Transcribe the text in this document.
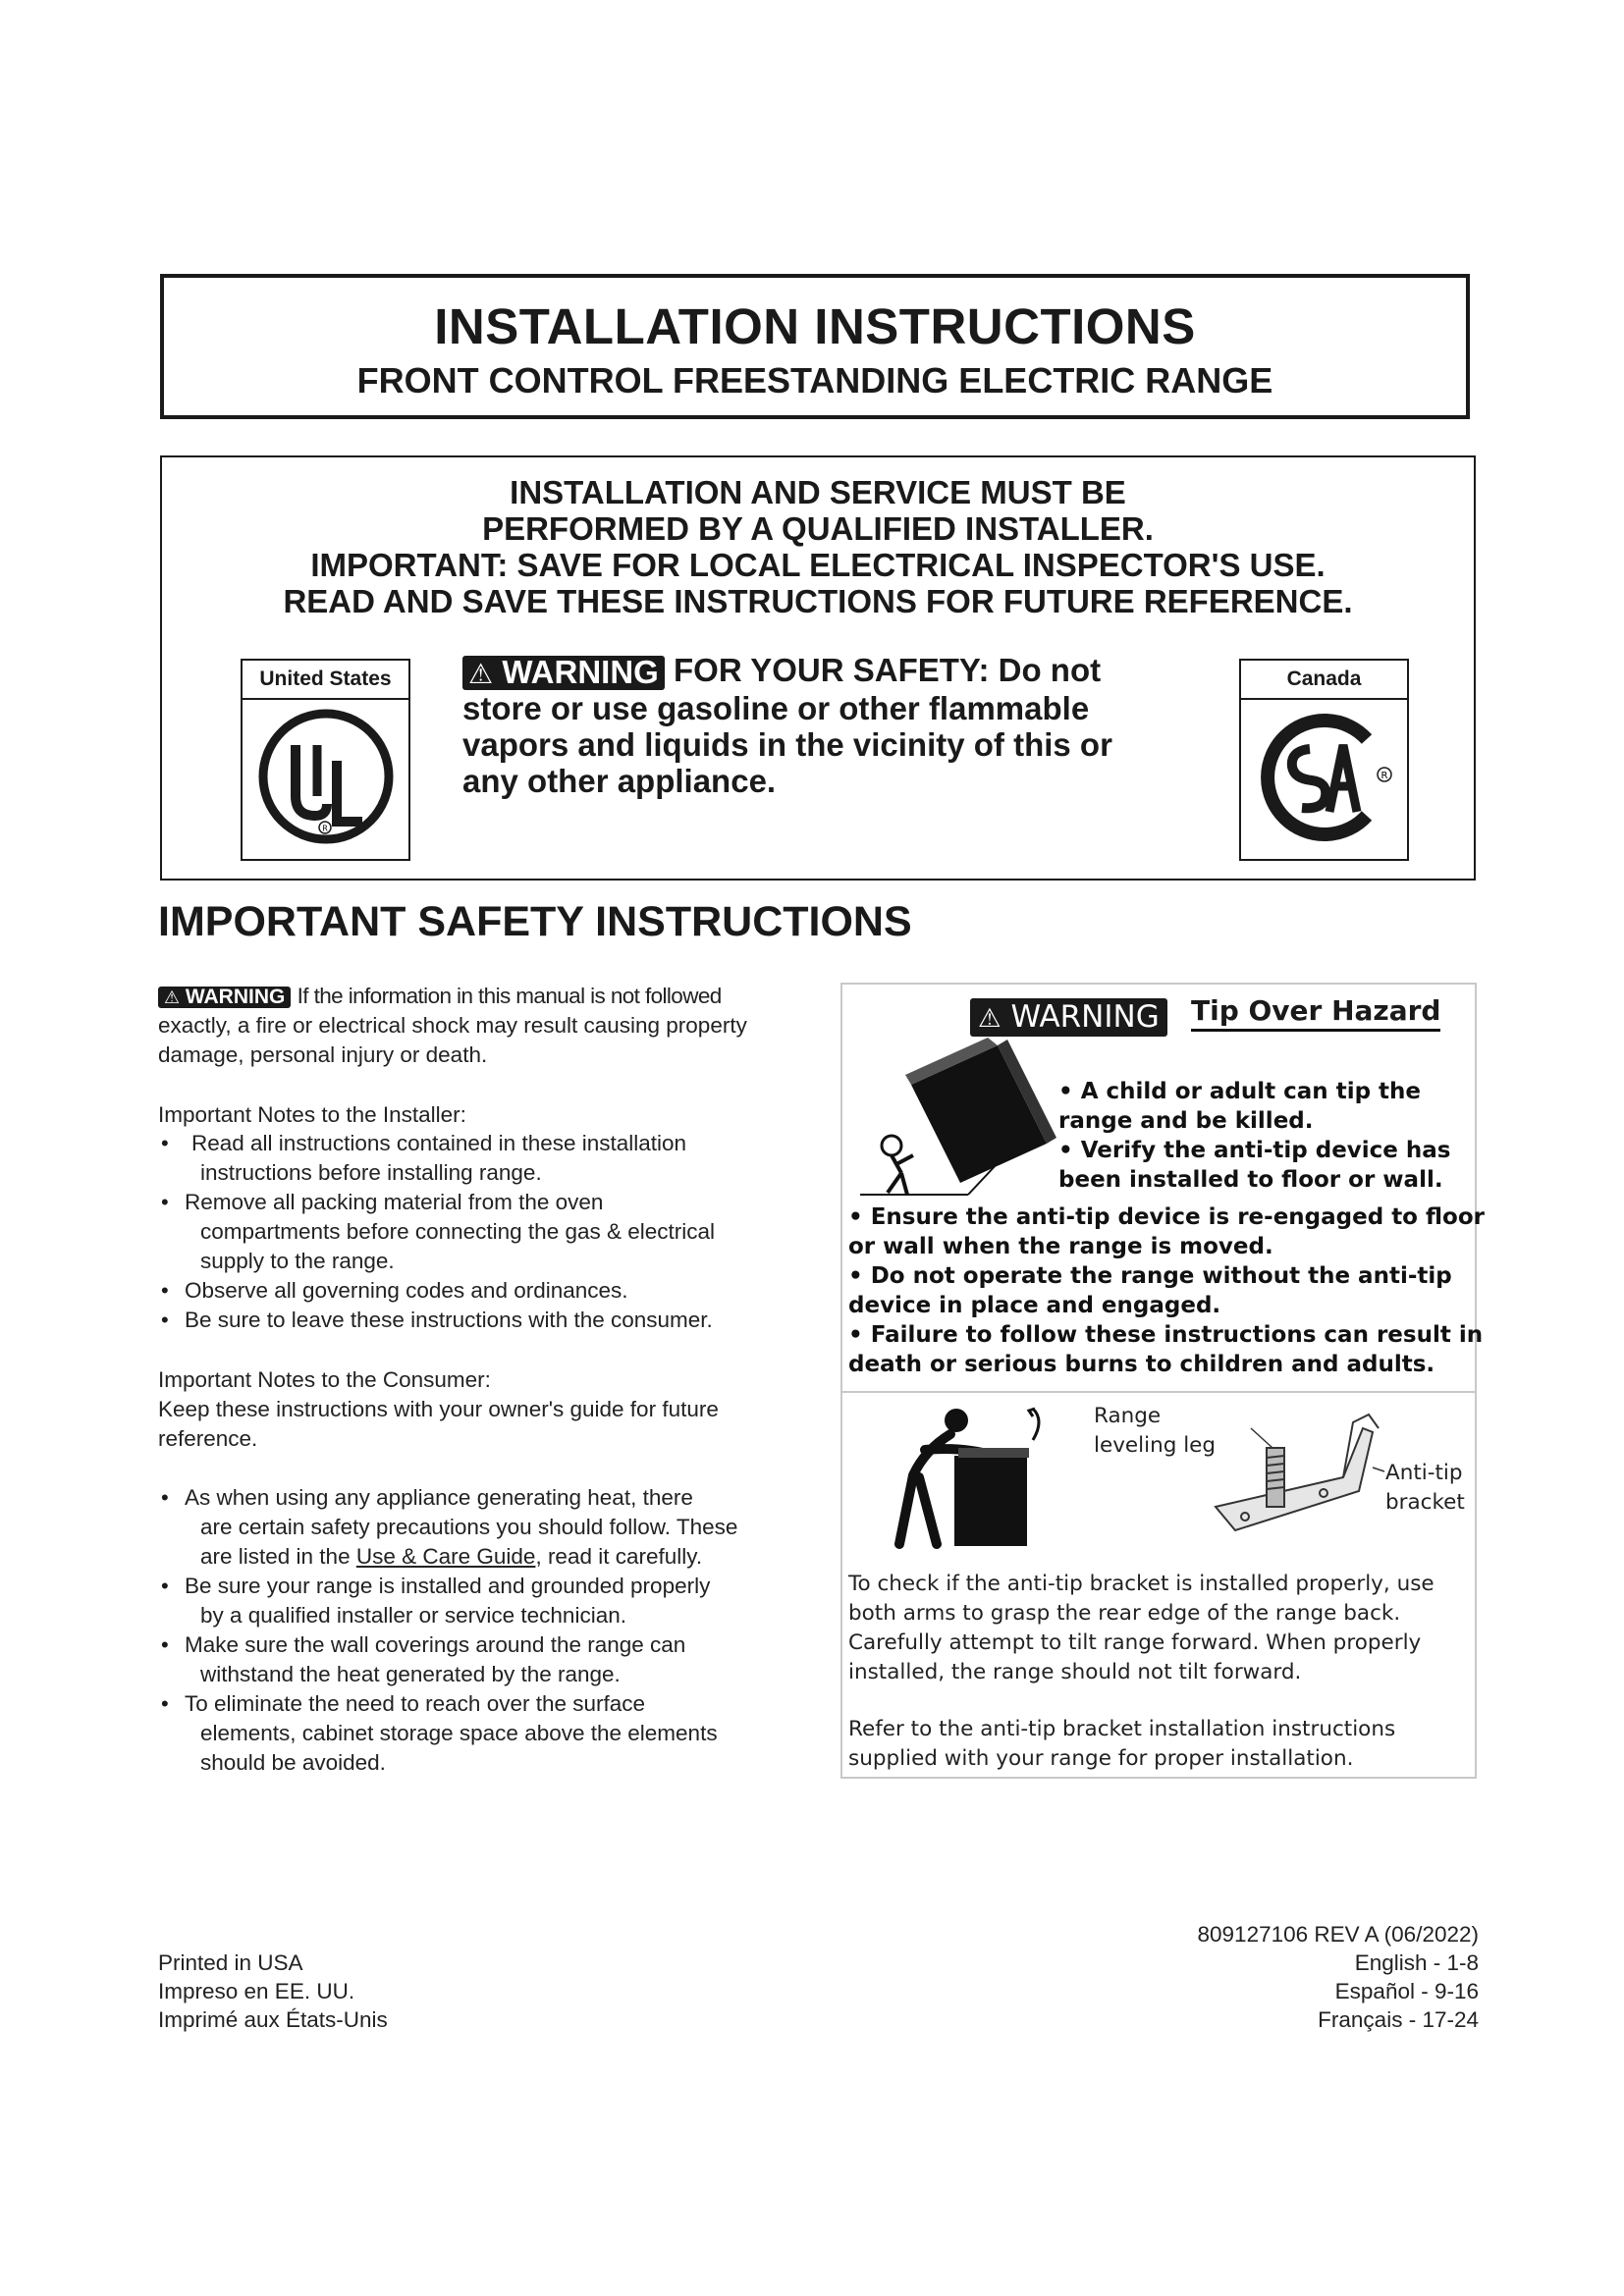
INSTALLATION INSTRUCTIONS
FRONT CONTROL FREESTANDING ELECTRIC RANGE
INSTALLATION AND SERVICE MUST BE
PERFORMED BY A QUALIFIED INSTALLER.
IMPORTANT: SAVE FOR LOCAL ELECTRICAL INSPECTOR'S USE.
READ AND SAVE THESE INSTRUCTIONS FOR FUTURE REFERENCE.
United States
R
Canada
R
⚠ WARNING FOR YOUR SAFETY: Do not
store or use gasoline or other flammable
vapors and liquids in the vicinity of this or
any other appliance.
IMPORTANT SAFETY INSTRUCTIONS
⚠ WARNING If the information in this manual is not followed
exactly, a fire or electrical shock may result causing property
damage, personal injury or death.
Important Notes to the Installer:
• Read all instructions contained in these installation
instructions before installing range.
• Remove all packing material from the oven
compartments before connecting the gas & electrical
supply to the range.
• Observe all governing codes and ordinances.
• Be sure to leave these instructions with the consumer.
Important Notes to the Consumer:
Keep these instructions with your owner's guide for future
reference.
• As when using any appliance generating heat, there
are certain safety precautions you should follow. These
are listed in the Use & Care Guide, read it carefully.
• Be sure your range is installed and grounded properly
by a qualified installer or service technician.
• Make sure the wall coverings around the range can
withstand the heat generated by the range.
• To eliminate the need to reach over the surface
elements, cabinet storage space above the elements
should be avoided.
⚠ WARNING Tip Over Hazard
• A child or adult can tip the
range and be killed.
• Verify the anti-tip device has
been installed to floor or wall.
• Ensure the anti-tip device is re-engaged to floor
or wall when the range is moved.
• Do not operate the range without the anti-tip
device in place and engaged.
• Failure to follow these instructions can result in
death or serious burns to children and adults.
Range
leveling leg
Anti-tip
bracket
To check if the anti-tip bracket is installed properly, use
both arms to grasp the rear edge of the range back.
Carefully attempt to tilt range forward. When properly
installed, the range should not tilt forward.
Refer to the anti-tip bracket installation instructions
supplied with your range for proper installation.
Printed in USA
Impreso en EE. UU.
Imprimé aux États-Unis
809127106 REV A (06/2022)
English - 1-8
Español - 9-16
Français - 17-24
